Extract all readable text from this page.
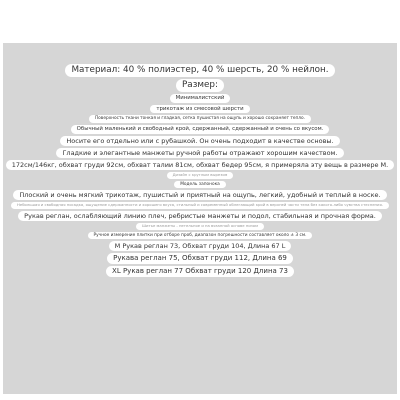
Материал: 40 % полиэстер, 40 % шерсть, 20 % нейлон.
Размер:
Минималистский
трикотаж из смесовой шерсти
Поверхность ткани тонкая и гладкая, сетка пушистая на ощупь и хорошо сохраняет тепло.
Обычный маленький и свободный крой, сдержанный, сдержанный и очень со вкусом.
Носите его отдельно или с рубашкой. Он очень подходит в качестве основы.
Гладкие и элегантные манжеты ручной работы отражают хорошим качеством.
172см/146кг, обхват груди 92см, обхват талии 81см, обхват бедер 95см, я примеряла эту вещь в размере М.
Дизайн с круглым вырезом
Модель запонока
Плоский и очень мягкий трикотаж, пушистый и приятный на ощупь, легкий, удобный и теплый в носке.
Небольшая и свободная посадка, ощущение сдержанности и хорошего вкуса, стильный и современный облегающий крой в верхней части тела без какого-либо чувства стеснения.
Рукав реглан, ослабляющий линию плеч, ребристые манжеты и подол, стабильная и прочная форма.
Шитье манжеты - петельное и на вязанной основе низом
Ручное измерение плитки при отборе проб, диапазон погрешности составляет около ± 3 см.
M Рукав реглан 73, Обхват груди 104, Длина 67 L
Рукава реглан 75, Обхват груди 112, Длина 69
XL Рукав реглан 77 Обхват груди 120 Длина 73
